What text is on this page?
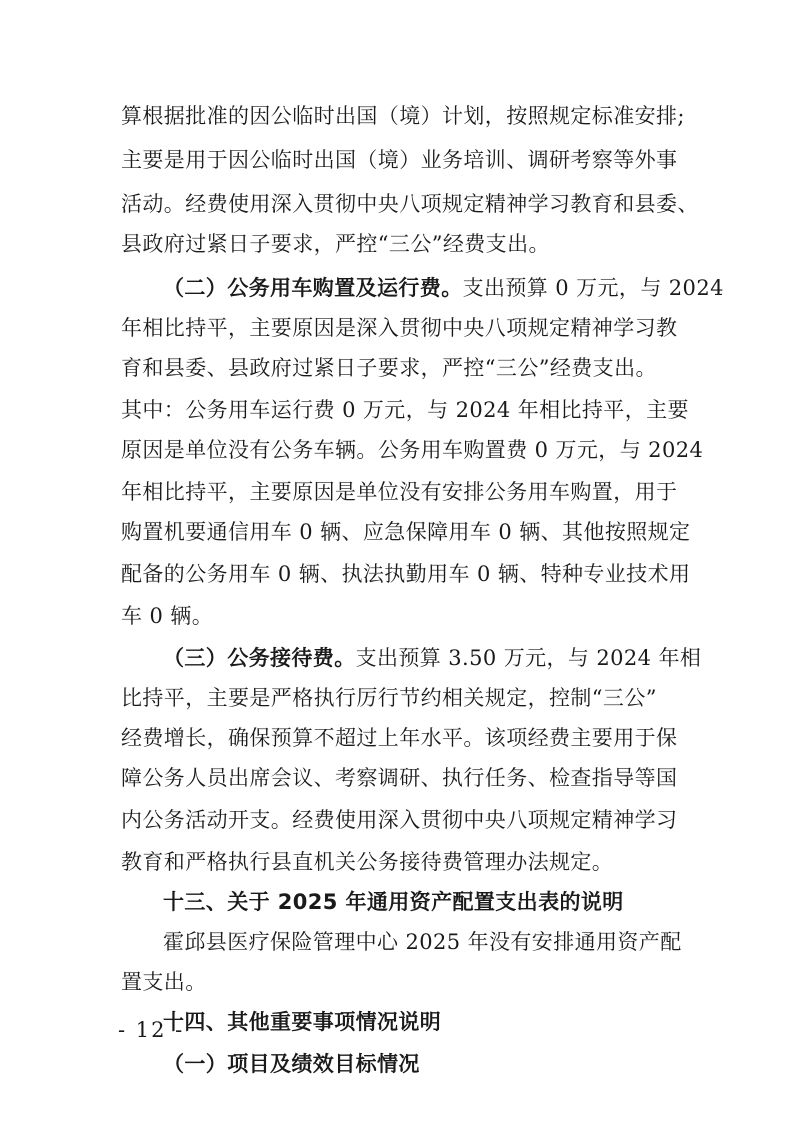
算根据批准的因公临时出国（境）计划，按照规定标准安排;
主要是用于因公临时出国（境）业务培训、调研考察等外事
活动。经费使用深入贯彻中央八项规定精神学习教育和县委、
县政府过紧日子要求，严控“三公”经费支出。
（二）公务用车购置及运行费。支出预算 0 万元，与 2024
年相比持平，主要原因是深入贯彻中央八项规定精神学习教
育和县委、县政府过紧日子要求，严控“三公”经费支出。
其中：公务用车运行费 0 万元，与 2024 年相比持平，主要
原因是单位没有公务车辆。公务用车购置费 0 万元，与 2024
年相比持平，主要原因是单位没有安排公务用车购置，用于
购置机要通信用车 0 辆、应急保障用车 0 辆、其他按照规定
配备的公务用车 0 辆、执法执勤用车 0 辆、特种专业技术用
车 0 辆。
（三）公务接待费。支出预算 3.50 万元，与 2024 年相
比持平，主要是严格执行厉行节约相关规定，控制“三公”
经费增长，确保预算不超过上年水平。该项经费主要用于保
障公务人员出席会议、考察调研、执行任务、检查指导等国
内公务活动开支。经费使用深入贯彻中央八项规定精神学习
教育和严格执行县直机关公务接待费管理办法规定。
十三、关于 2025 年通用资产配置支出表的说明
霍邱县医疗保险管理中心 2025 年没有安排通用资产配
置支出。
十四、其他重要事项情况说明
（一）项目及绩效目标情况
- 12 -
